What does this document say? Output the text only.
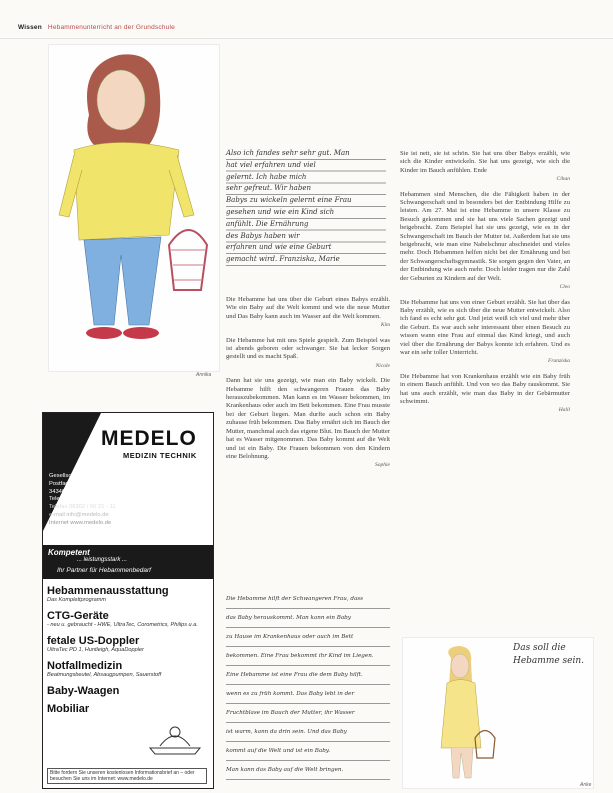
Wissen Hebammenunterricht an der Grundschule
Annika
Also ich fandes sehr sehr gut. Man
hat viel erfahren und viel
gelernt. Ich habe mich
sehr gefreut. Wir haben
Babys zu wickeln gelernt eine Frau
gesehen und wie ein Kind sich
anfühlt. Die Ernährung
des Babys haben wir
erfahren und wie eine Geburt
gemacht wird. Franziska, Marie

Die Hebamme hat uns über die Geburt eines Babys erzählt. Wie ein Baby auf die Welt kommt und wie die neue Mutter und Das Baby kann auch im Wasser auf die Welt kommen.
Kim

Die Hebamme hat mit uns Spiele gespielt. Zum Beispiel was ist abends geboren oder schwanger. Sie hat lecker Sorgen gestellt und es macht Spaß.
Nicole

Dann hat sie uns gezeigt, wie man ein Baby wickelt. Die Hebamme hilft den schwangeren Frauen das Baby herauszubekommen. Man kann es im Wasser bekommen, im Krankenhaus oder auch im Bett bekommen. Eine Frau musste bei der Geburt liegen. Man durfte auch schon ein Baby zuhause früh bekommen. Das Baby ernährt sich im Bauch der Mutter, manchmal auch das eigene Blut. Im Bauch der Mutter hat es Wasser mitgenommen. Das Baby kommt auf die Welt und ist ein Baby. Die Frauen bekommen von den Kindern eine Belohnung.
Sophie

Sie ist nett, sie ist schön. Sie hat uns über Babys erzählt, wie sich die Kinder entwickeln. Sie hat uns gezeigt, wie sich die Kinder im Bauch anfühlen. Ende
Cihan

Hebammen sind Menschen, die die Fähigkeit haben in der Schwangerschaft und in besonders bei der Entbindung Hilfe zu leisten. Am 27. Mai ist eine Hebamme in unsere Klasse zu Besuch gekommen und sie hat uns viele Sachen gezeigt und beigebracht. Zum Beispiel hat sie uns gezeigt, wie es in der Schwangerschaft im Bauch der Mutter ist. Außerdem hat sie uns beigebracht, wie man eine Nabelschnur abschneidet und vieles mehr. Doch Hebammen helfen nicht bei der Ernährung und bei der Schwangerschaftsgymnastik. Sie sorgen gegen den Vater, an der Entbindung wie auch mehr. Doch leider tragen nur die Zahl der Geburten zu Kindern auf der Welt.
Cleo

Die Hebamme hat uns von einer Geburt erzählt. Sie hat über das Baby erzählt, wie es sich über die neue Mutter entwickelt. Also ich fand es echt sehr gut. Und jetzt weiß ich viel und mehr über die Geburt. Es war auch sehr interessant über einen Besuch zu wissen wann eine Frau auf einmal das Kind kriegt, und auch viel über die Ernährung der Babys konnte ich erfahren. Und es war ein sehr toller Unterricht.
Franziska

Die Hebamme hat von Krankenhaus erzählt wie ein Baby früh in einem Bauch anfühlt. Und von wo das Baby rauskommt. Sie hat uns auch erzählt, wie man das Baby in der Gebärmutter schwimmt.
Halil

Die Hebamme hilft der Schwangeren Frau, dass
das Baby herauskommt. Man kann ein Baby
zu Hause im Krankenhaus oder auch im Bett
bekommen. Eine Frau bekommt ihr Kind im Liegen.
Eine Hebamme ist eine Frau die dem Baby hilft.
wenn es zu früh kommt. Das Baby lebt in der
Fruchtblase im Bauch der Mutter, ihr Wasser
ist warm, kann da drin sein. Und das Baby
kommt auf die Welt und ist ein Baby.
Man kann das Baby auf die Welt bringen.
MEDELO
MEDIZIN TECHNIK
Gesellschaft für
Postfach 1911
34346 Kassel - Trier
Telefon 06302 / 66 21 - 0
Telefax 06302 / 66 21 - 11
e-mail info@medelo.de
Internet www.medelo.de
Kompetent
... leistungsstark ...
Ihr Partner für Hebammenbedarf
Hebammenausstattung
Das Komplettprogramm
CTG-Geräte
- neu u. gebraucht - HWE, UltraTec, Corometrics, Philips u.a.
fetale US-Doppler
UltraTec PD 1, Huntleigh, AquaDoppler
Notfallmedizin
Beatmungsbeutel, Absaugpumpen, Sauerstoff
Baby-Waagen
Mobiliar
Bitte fordern Sie unseren kostenlosen Informationsbrief an – oder besuchen Sie uns im Internet: www.medelo.de
Das soll die Hebamme sein.
Anke
